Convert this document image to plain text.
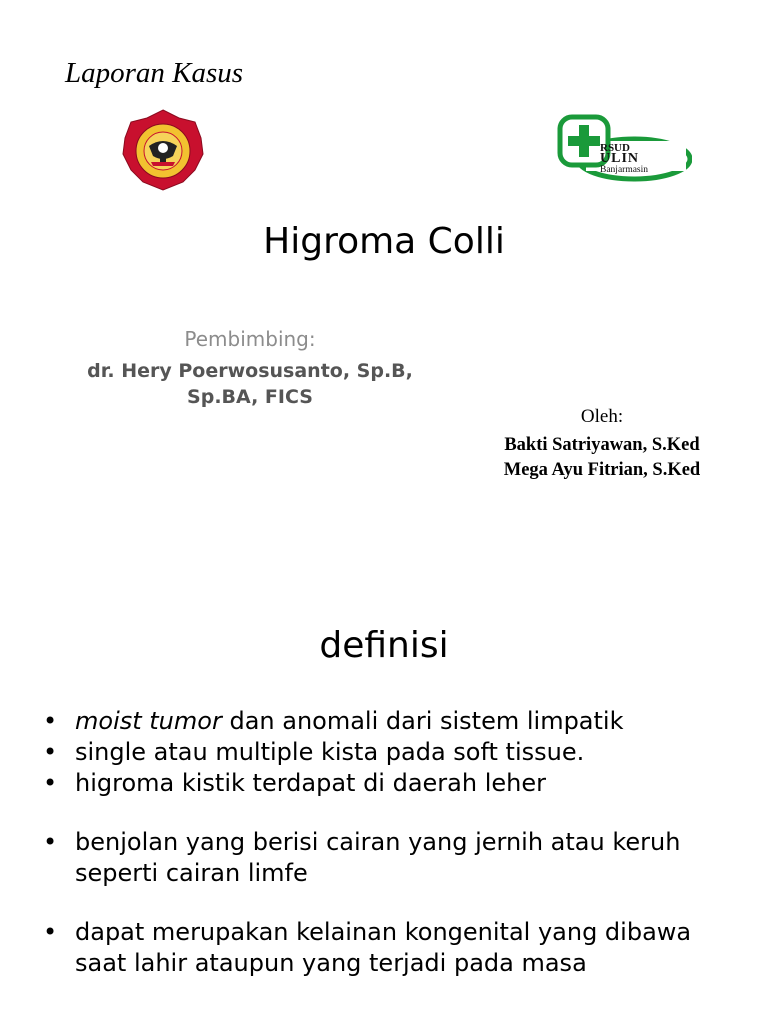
Laporan Kasus
RSUD
ULIN
Banjarmasin
Higroma Colli
Pembimbing:
dr. Hery Poerwosusanto, Sp.B, Sp.BA, FICS
Oleh:
Bakti Satriyawan, S.Ked
Mega Ayu Fitrian, S.Ked
definisi
• moist tumor dan anomali dari sistem limpatik
• single atau multiple kista pada soft tissue.
• higroma kistik terdapat di daerah leher
• benjolan yang berisi cairan yang jernih atau keruh seperti cairan limfe
• dapat merupakan kelainan kongenital yang dibawa saat lahir ataupun yang terjadi pada masa
